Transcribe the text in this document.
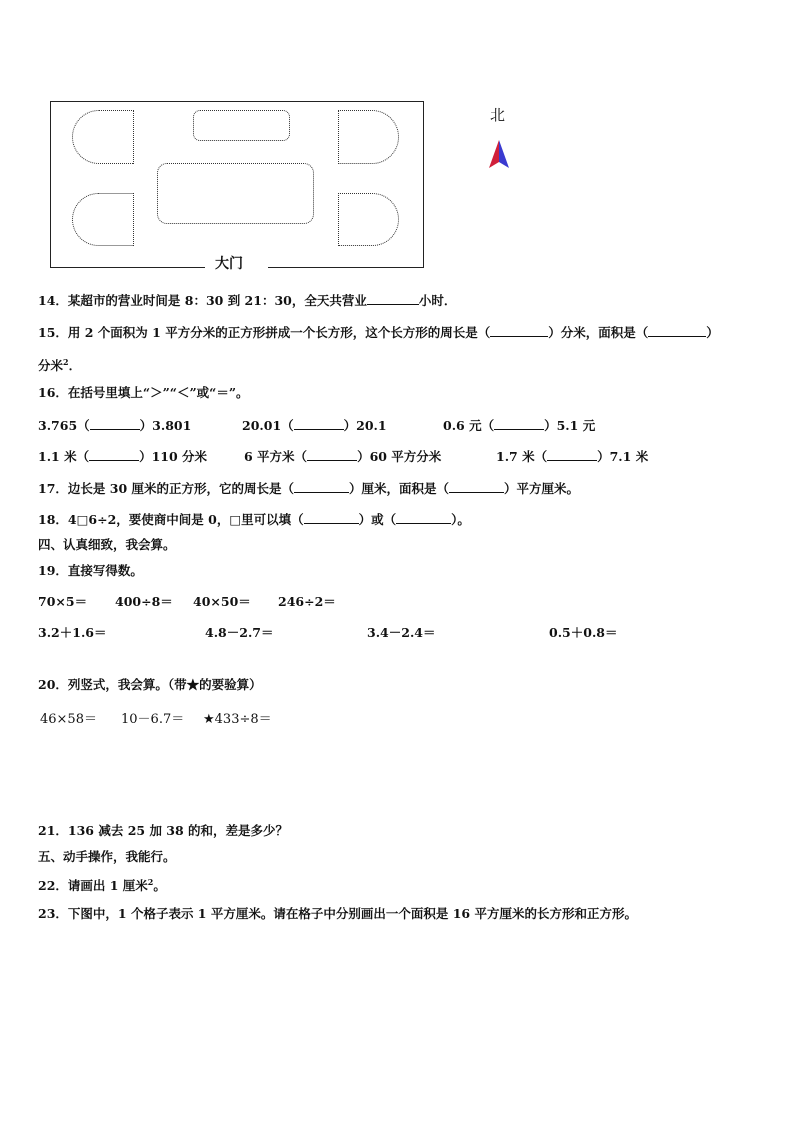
大门
北
14．某超市的营业时间是 8：30 到 21：30，全天共营业	小时．
15．用 2 个面积为 1 平方分米的正方形拼成一个长方形，这个长方形的周长是（	）分米，面积是（	）
分米$^2$．
16．在括号里填上“＞”“＜”或“＝”。
3.765（	）3.801	20.01（	）20.1	0.6 元（	）5.1 元
1.1 米（	）110 分米	6 平方米（	）60 平方分米	1.7 米（	）7.1 米
17．边长是 30 厘米的正方形，它的周长是（	）厘米，面积是（	）平方厘米。
18．4□6÷2，要使商中间是 0，□里可以填（	）或（	）。
四、认真细致，我会算。
19．直接写得数。
70×5＝ 400÷8＝ 40×50＝ 246÷2＝
3.2＋1.6＝	4.8－2.7＝	3.4－2.4＝	0.5＋0.8＝
20．列竖式，我会算。（带★的要验算）
46×58＝ 10－6.7＝ ★433÷8＝
21．136 减去 25 加 38 的和，差是多少？
五、动手操作，我能行。
22．请画出 1 厘米$^2$。
23．下图中，1 个格子表示 1 平方厘米。请在格子中分别画出一个面积是 16 平方厘米的长方形和正方形。
